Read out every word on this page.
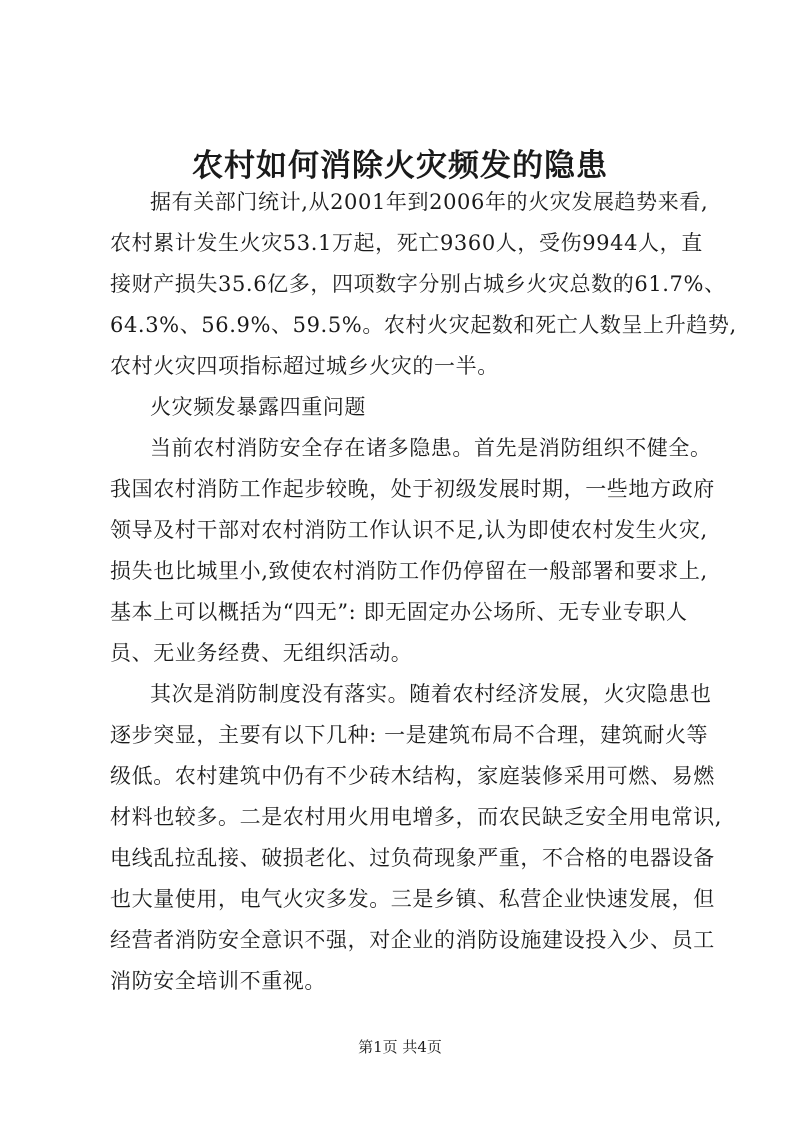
农村如何消除火灾频发的隐患
据有关部门统计,从2001年到2006年的火灾发展趋势来看,
农村累计发生火灾53.1万起，死亡9360人，受伤9944人，直
接财产损失35.6亿多，四项数字分别占城乡火灾总数的61.7%、
64.3%、56.9%、59.5%。农村火灾起数和死亡人数呈上升趋势,
农村火灾四项指标超过城乡火灾的一半。
火灾频发暴露四重问题
当前农村消防安全存在诸多隐患。首先是消防组织不健全。
我国农村消防工作起步较晚，处于初级发展时期，一些地方政府
领导及村干部对农村消防工作认识不足,认为即使农村发生火灾,
损失也比城里小,致使农村消防工作仍停留在一般部署和要求上,
基本上可以概括为“四无”: 即无固定办公场所、无专业专职人
员、无业务经费、无组织活动。
其次是消防制度没有落实。随着农村经济发展，火灾隐患也
逐步突显，主要有以下几种: 一是建筑布局不合理，建筑耐火等
级低。农村建筑中仍有不少砖木结构，家庭装修采用可燃、易燃
材料也较多。二是农村用火用电增多，而农民缺乏安全用电常识,
电线乱拉乱接、破损老化、过负荷现象严重，不合格的电器设备
也大量使用，电气火灾多发。三是乡镇、私营企业快速发展，但
经营者消防安全意识不强，对企业的消防设施建设投入少、员工
消防安全培训不重视。
第1页 共4页
